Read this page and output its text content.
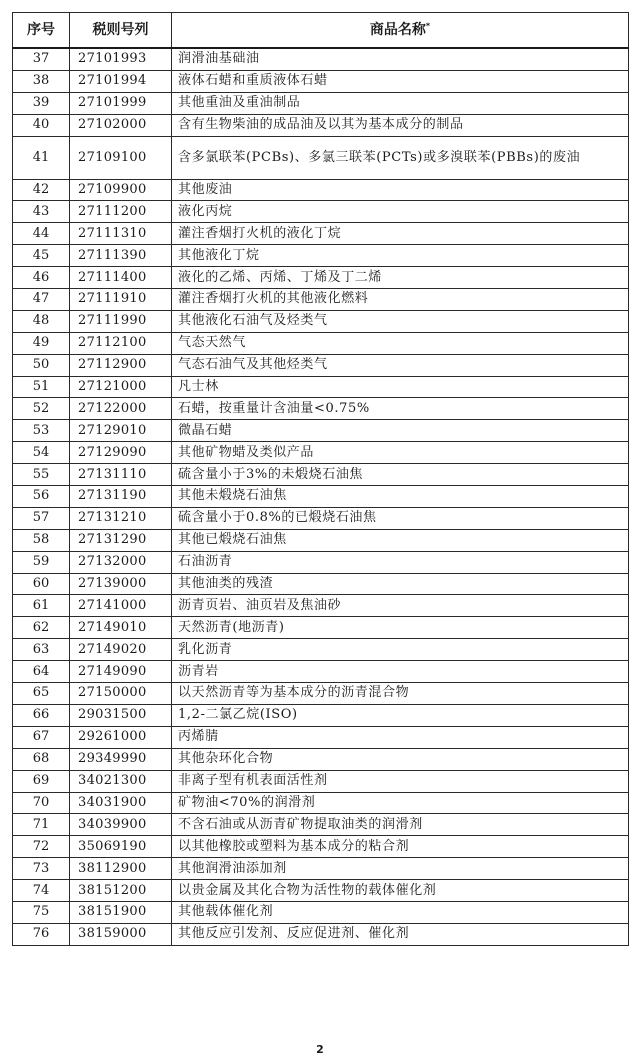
序号	税则号列	商品名称*
37	27101993	润滑油基础油
38	27101994	液体石蜡和重质液体石蜡
39	27101999	其他重油及重油制品
40	27102000	含有生物柴油的成品油及以其为基本成分的制品
41	27109100	含多氯联苯(PCBs)、多氯三联苯(PCTs)或多溴联苯(PBBs)的废油
42	27109900	其他废油
43	27111200	液化丙烷
44	27111310	灌注香烟打火机的液化丁烷
45	27111390	其他液化丁烷
46	27111400	液化的乙烯、丙烯、丁烯及丁二烯
47	27111910	灌注香烟打火机的其他液化燃料
48	27111990	其他液化石油气及烃类气
49	27112100	气态天然气
50	27112900	气态石油气及其他烃类气
51	27121000	凡士林
52	27122000	石蜡，按重量计含油量<0.75%
53	27129010	微晶石蜡
54	27129090	其他矿物蜡及类似产品
55	27131110	硫含量小于3%的未煅烧石油焦
56	27131190	其他未煅烧石油焦
57	27131210	硫含量小于0.8%的已煅烧石油焦
58	27131290	其他已煅烧石油焦
59	27132000	石油沥青
60	27139000	其他油类的残渣
61	27141000	沥青页岩、油页岩及焦油砂
62	27149010	天然沥青(地沥青)
63	27149020	乳化沥青
64	27149090	沥青岩
65	27150000	以天然沥青等为基本成分的沥青混合物
66	29031500	1,2-二氯乙烷(ISO)
67	29261000	丙烯腈
68	29349990	其他杂环化合物
69	34021300	非离子型有机表面活性剂
70	34031900	矿物油<70%的润滑剂
71	34039900	不含石油或从沥青矿物提取油类的润滑剂
72	35069190	以其他橡胶或塑料为基本成分的粘合剂
73	38112900	其他润滑油添加剂
74	38151200	以贵金属及其化合物为活性物的载体催化剂
75	38151900	其他载体催化剂
76	38159000	其他反应引发剂、反应促进剂、催化剂
2
